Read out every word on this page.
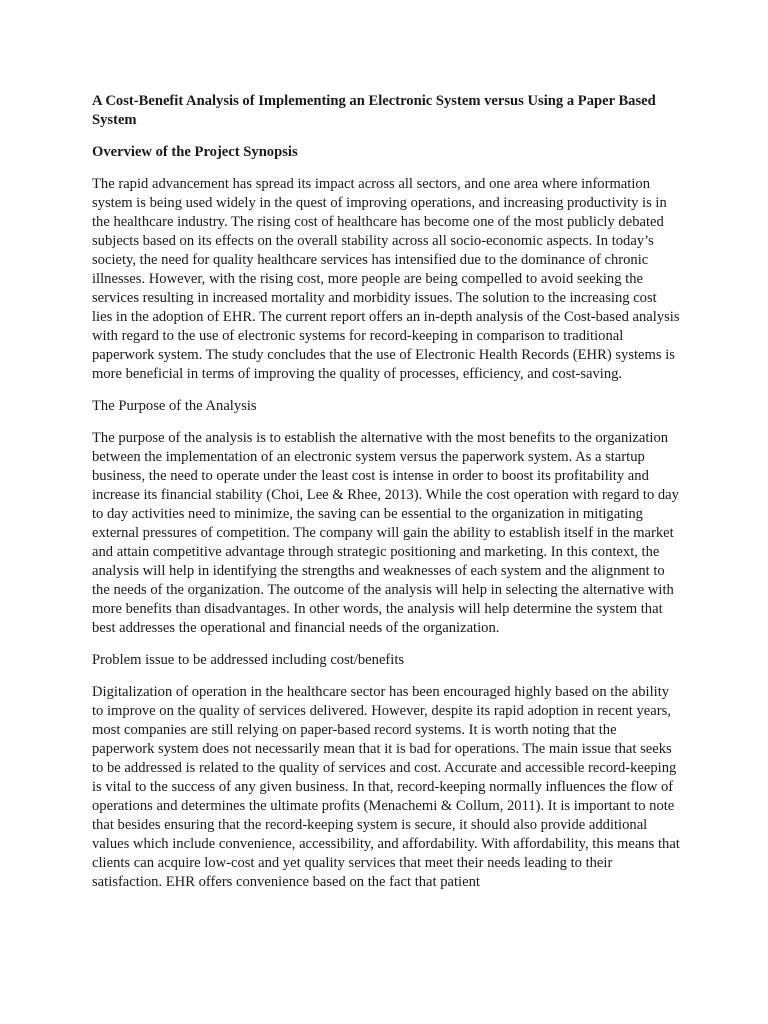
A Cost-Benefit Analysis of Implementing an Electronic System versus Using a Paper Based System
Overview of the Project Synopsis

The rapid advancement has spread its impact across all sectors, and one area where information system is being used widely in the quest of improving operations, and increasing productivity is in the healthcare industry. The rising cost of healthcare has become one of the most publicly debated subjects based on its effects on the overall stability across all socio-economic aspects. In today’s society, the need for quality healthcare services has intensified due to the dominance of chronic illnesses. However, with the rising cost, more people are being compelled to avoid seeking the services resulting in increased mortality and morbidity issues. The solution to the increasing cost lies in the adoption of EHR. The current report offers an in-depth analysis of the Cost-based analysis with regard to the use of electronic systems for record-keeping in comparison to traditional paperwork system. The study concludes that the use of Electronic Health Records (EHR) systems is more beneficial in terms of improving the quality of processes, efficiency, and cost-saving.

The Purpose of the Analysis

The purpose of the analysis is to establish the alternative with the most benefits to the organization between the implementation of an electronic system versus the paperwork system. As a startup business, the need to operate under the least cost is intense in order to boost its profitability and increase its financial stability (Choi, Lee & Rhee, 2013). While the cost operation with regard to day to day activities need to minimize, the saving can be essential to the organization in mitigating external pressures of competition. The company will gain the ability to establish itself in the market and attain competitive advantage through strategic positioning and marketing. In this context, the analysis will help in identifying the strengths and weaknesses of each system and the alignment to the needs of the organization. The outcome of the analysis will help in selecting the alternative with more benefits than disadvantages. In other words, the analysis will help determine the system that best addresses the operational and financial needs of the organization.

Problem issue to be addressed including cost/benefits

Digitalization of operation in the healthcare sector has been encouraged highly based on the ability to improve on the quality of services delivered. However, despite its rapid adoption in recent years, most companies are still relying on paper-based record systems. It is worth noting that the paperwork system does not necessarily mean that it is bad for operations. The main issue that seeks to be addressed is related to the quality of services and cost. Accurate and accessible record-keeping is vital to the success of any given business. In that, record-keeping normally influences the flow of operations and determines the ultimate profits (Menachemi & Collum, 2011). It is important to note that besides ensuring that the record-keeping system is secure, it should also provide additional values which include convenience, accessibility, and affordability. With affordability, this means that clients can acquire low-cost and yet quality services that meet their needs leading to their satisfaction. EHR offers convenience based on the fact that patient
